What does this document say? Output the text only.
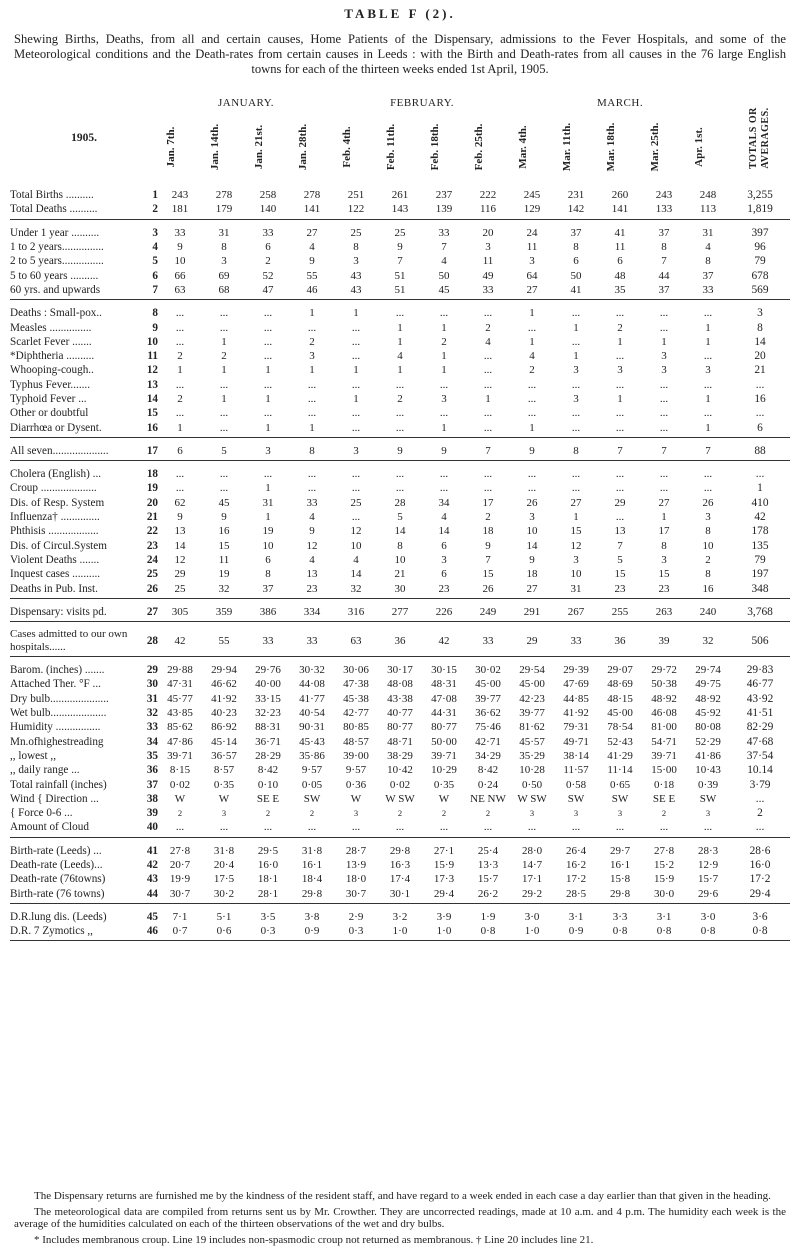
TABLE F (2).
Shewing Births, Deaths, from all and certain causes, Home Patients of the Dispensary, admissions to the Fever Hospitals, and some of the Meteorological conditions and the Death-rates from certain causes in Leeds : with the Birth and Death-rates from all causes in the 76 large English towns for each of the thirteen weeks ended 1st April, 1905.
1905.		JANUARY.				FEBRUARY.				MARCH.					TOTALS OR AVERAGES.

		Jan. 7th.	Jan. 14th.	Jan. 21st.	Jan. 28th.	Feb. 4th.	Feb. 11th.	Feb. 18th.	Feb. 25th.	Mar. 4th.	Mar. 11th.	Mar. 18th.	Mar. 25th.	Apr. 1st.	

Total Births ..........	1	243	278	258	278	251	261	237	222	245	231	260	243	248	3,255
Total Deaths ..........	2	181	179	140	141	122	143	139	116	129	142	141	133	113	1,819
Under 1 year ..........	3	33	31	33	27	25	25	33	20	24	37	41	37	31	397
1 to 2 years...............	4	9	8	6	4	8	9	7	3	11	8	11	8	4	96
2 to 5 years...............	5	10	3	2	9	3	7	4	11	3	6	6	7	8	79
5 to 60 years ..........	6	66	69	52	55	43	51	50	49	64	50	48	44	37	678
60 yrs. and upwards	7	63	68	47	46	43	51	45	33	27	41	35	37	33	569
Deaths : Small-pox..	8	...	...	...	1	1	...	...	...	1	...	...	...	...	3
Measles ...............	9	...	...	...	...	...	1	1	2	...	1	2	...	1	8
Scarlet Fever .......	10	...	1	...	2	...	1	2	4	1	...	1	1	1	14
*Diphtheria ..........	11	2	2	...	3	...	4	1	...	4	1	...	3	...	20
Whooping-cough..	12	1	1	1	1	1	1	1	...	2	3	3	3	3	21
Typhus Fever.......	13	...	...	...	...	...	...	...	...	...	...	...	...	...	...
Typhoid Fever ...	14	2	1	1	...	1	2	3	1	...	3	1	...	1	16
Other or doubtful	15	...	...	...	...	...	...	...	...	...	...	...	...	...	...
Diarrhœa or Dysent.	16	1	...	1	1	...	...	1	...	1	...	...	...	1	6
All seven....................	17	6	5	3	8	3	9	9	7	9	8	7	7	7	88
Cholera (English) ...	18	...	...	...	...	...	...	...	...	...	...	...	...	...	...
Croup ....................	19	...	...	1	...	...	...	...	...	...	...	...	...	...	1
Dis. of Resp. System	20	62	45	31	33	25	28	34	17	26	27	29	27	26	410
Influenza† ..............	21	9	9	1	4	...	5	4	2	3	1	...	1	3	42
Phthisis ..................	22	13	16	19	9	12	14	14	18	10	15	13	17	8	178
Dis. of Circul.System	23	14	15	10	12	10	8	6	9	14	12	7	8	10	135
Violent Deaths .......	24	12	11	6	4	4	10	3	7	9	3	5	3	2	79
Inquest cases ..........	25	29	19	8	13	14	21	6	15	18	10	15	15	8	197
Deaths in Pub. Inst.	26	25	32	37	23	32	30	23	26	27	31	23	23	16	348
Dispensary: visits pd.	27	305	359	386	334	316	277	226	249	291	267	255	263	240	3,768
Cases admitted to our own hospitals......	28	42	55	33	33	63	36	42	33	29	33	36	39	32	506
Barom. (inches) .......	29	29·88	29·94	29·76	30·32	30·06	30·17	30·15	30·02	29·54	29·39	29·07	29·72	29·74	29·83
Attached Ther. °F ...	30	47·31	46·62	40·00	44·08	47·38	48·08	48·31	45·00	45·00	47·69	48·69	50·38	49·75	46·77
Dry bulb.....................	31	45·77	41·92	33·15	41·77	45·38	43·38	47·08	39·77	42·23	44·85	48·15	48·92	48·92	43·92
Wet bulb....................	32	43·85	40·23	32·23	40·54	42·77	40·77	44·31	36·62	39·77	41·92	45·00	46·08	45·92	41·51
Humidity ................	33	85·62	86·92	88·31	90·31	80·85	80·77	80·77	75·46	81·62	79·31	78·54	81·00	80·08	82·29
Mn.ofhighestreading	34	47·86	45·14	36·71	45·43	48·57	48·71	50·00	42·71	45·57	49·71	52·43	54·71	52·29	47·68
,, lowest ,,	35	39·71	36·57	28·29	35·86	39·00	38·29	39·71	34·29	35·29	38·14	41·29	39·71	41·86	37·54
,, daily range ...	36	8·15	8·57	8·42	9·57	9·57	10·42	10·29	8·42	10·28	11·57	11·14	15·00	10·43	10.14
Total rainfall (inches)	37	0·02	0·35	0·10	0·05	0·36	0·02	0·35	0·24	0·50	0·58	0·65	0·18	0·39	3·79
Wind { Direction ...	38	W	W	SE E	SW	W	W SW	W	NE NW	W SW	SW	SW	SE E	SW	...
{ Force 0-6 ...	39	2	3	2	2	3	2	2	2	3	3	3	2	3	2
Amount of Cloud	40	...	...	...	...	...	...	...	...	...	...	...	...	...	...
Birth-rate (Leeds) ...	41	27·8	31·8	29·5	31·8	28·7	29·8	27·1	25·4	28·0	26·4	29·7	27·8	28·3	28·6
Death-rate (Leeds)...	42	20·7	20·4	16·0	16·1	13·9	16·3	15·9	13·3	14·7	16·2	16·1	15·2	12·9	16·0
Death-rate (76towns)	43	19·9	17·5	18·1	18·4	18·0	17·4	17·3	15·7	17·1	17·2	15·8	15·9	15·7	17·2
Birth-rate (76 towns)	44	30·7	30·2	28·1	29·8	30·7	30·1	29·4	26·2	29·2	28·5	29·8	30·0	29·6	29·4
D.R.lung dis. (Leeds)	45	7·1	5·1	3·5	3·8	2·9	3·2	3·9	1·9	3·0	3·1	3·3	3·1	3·0	3·6
D.R. 7 Zymotics ,,	46	0·7	0·6	0·3	0·9	0·3	1·0	1·0	0·8	1·0	0·9	0·8	0·8	0·8	0·8

The Dispensary returns are furnished me by the kindness of the resident staff, and have regard to a week ended in each case a day earlier than that given in the heading.

The meteorological data are compiled from returns sent us by Mr. Crowther. They are uncorrected readings, made at 10 a.m. and 4 p.m. The humidity each week is the average of the humidities calculated on each of the thirteen observations of the wet and dry bulbs.

* Includes membranous croup. Line 19 includes non-spasmodic croup not returned as membranous. † Line 20 includes line 21.
